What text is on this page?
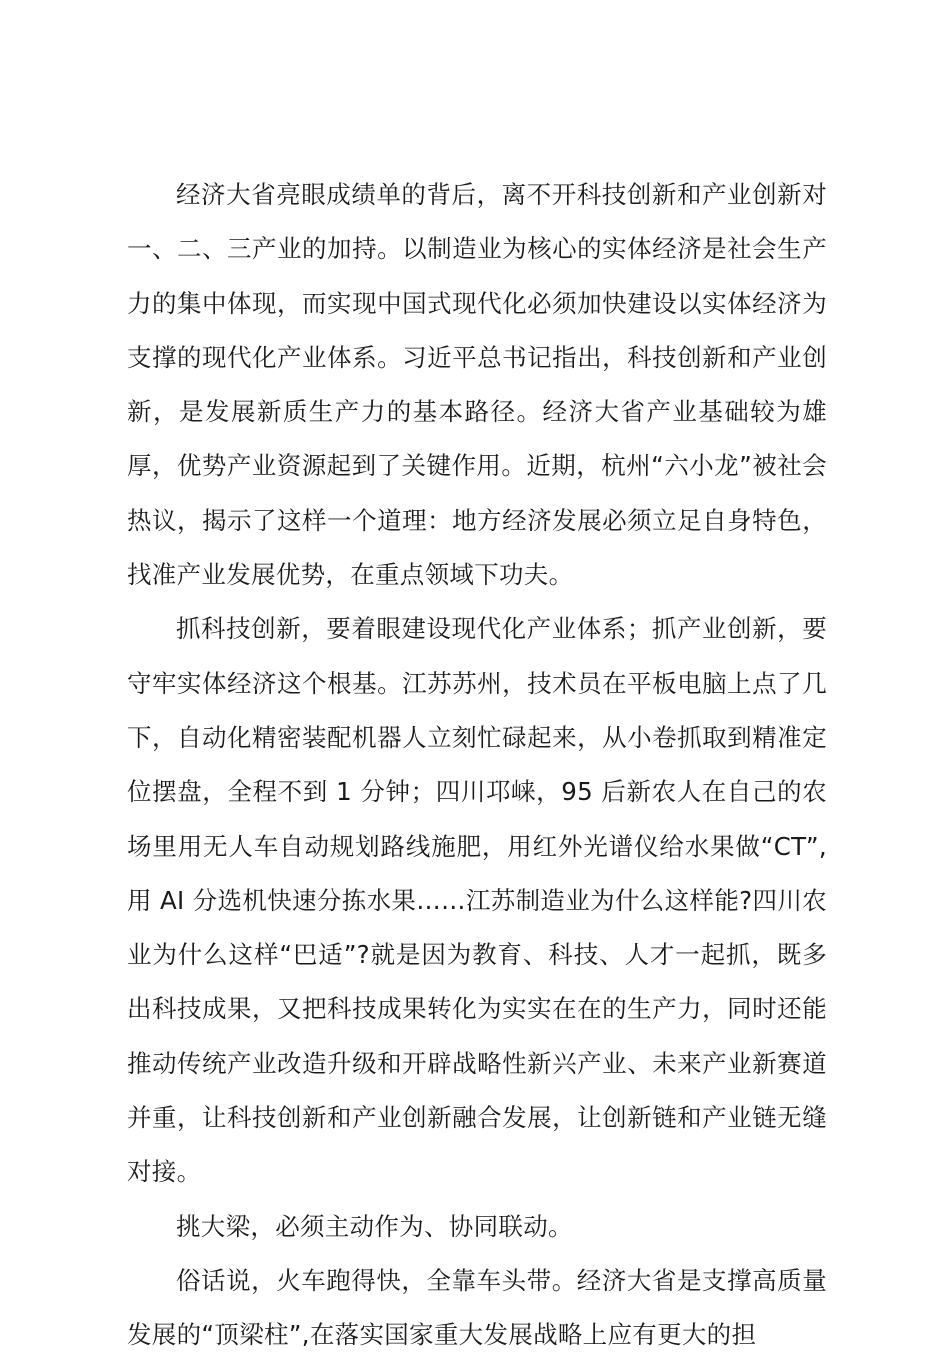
经济大省亮眼成绩单的背后，离不开科技创新和产业创新对一、二、三产业的加持。以制造业为核心的实体经济是社会生产力的集中体现，而实现中国式现代化必须加快建设以实体经济为支撑的现代化产业体系。习近平总书记指出，科技创新和产业创新，是发展新质生产力的基本路径。经济大省产业基础较为雄厚，优势产业资源起到了关键作用。近期，杭州“六小龙”被社会热议，揭示了这样一个道理：地方经济发展必须立足自身特色，找准产业发展优势，在重点领域下功夫。

抓科技创新，要着眼建设现代化产业体系；抓产业创新，要守牢实体经济这个根基。江苏苏州，技术员在平板电脑上点了几下，自动化精密装配机器人立刻忙碌起来，从小卷抓取到精准定位摆盘，全程不到 1 分钟；四川邛崃，95 后新农人在自己的农场里用无人车自动规划路线施肥，用红外光谱仪给水果做“CT”,用 AI 分选机快速分拣水果……江苏制造业为什么这样能?四川农业为什么这样“巴适”?就是因为教育、科技、人才一起抓，既多出科技成果，又把科技成果转化为实实在在的生产力，同时还能推动传统产业改造升级和开辟战略性新兴产业、未来产业新赛道并重，让科技创新和产业创新融合发展，让创新链和产业链无缝对接。

挑大梁，必须主动作为、协同联动。

俗话说，火车跑得快，全靠车头带。经济大省是支撑高质量发展的“顶梁柱”,在落实国家重大发展战略上应有更大的担
